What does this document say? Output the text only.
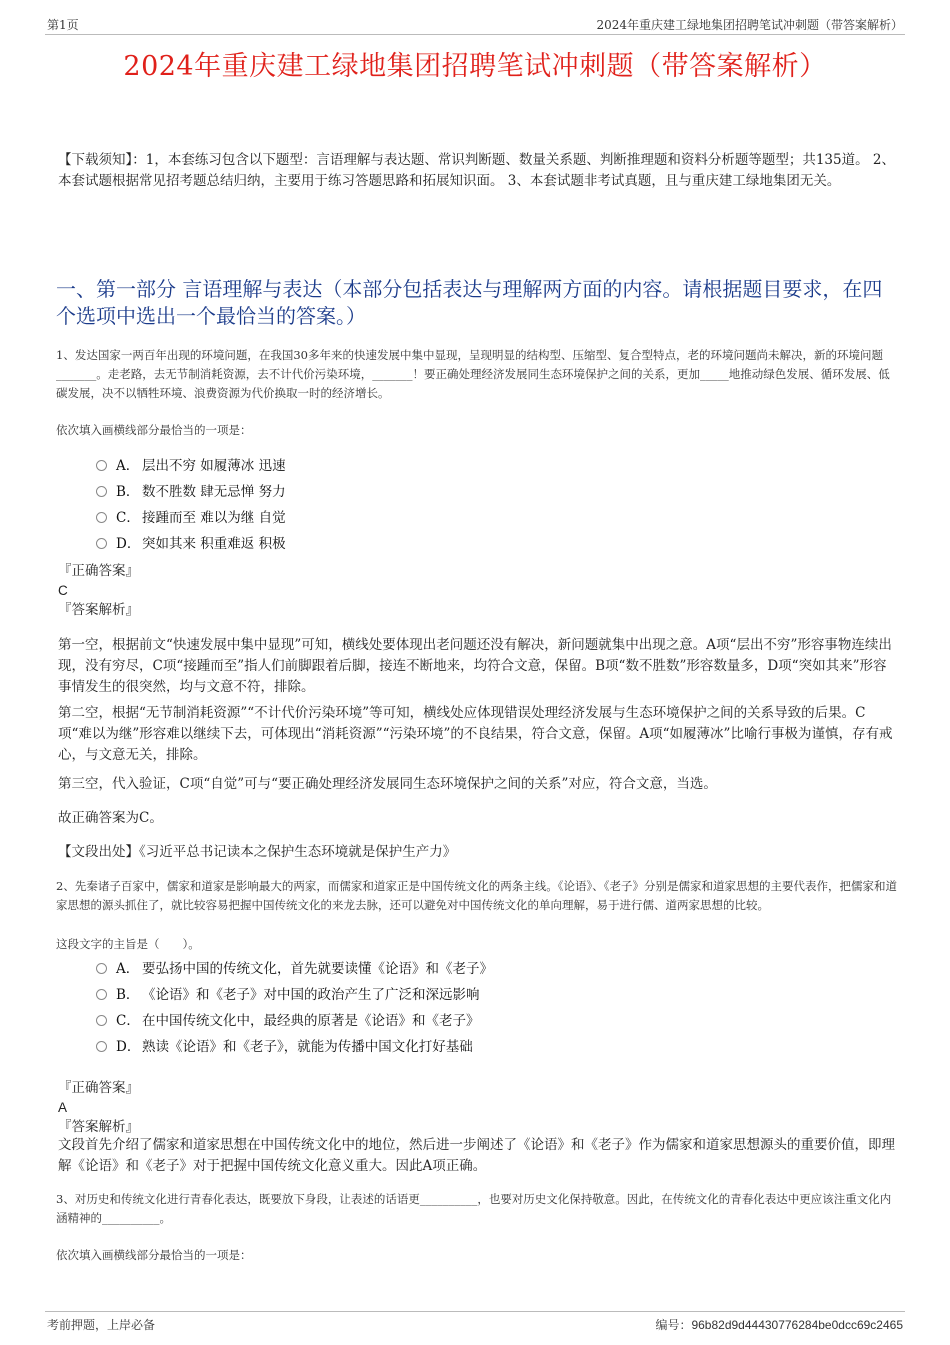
第1页	2024年重庆建工绿地集团招聘笔试冲刺题（带答案解析）
2024年重庆建工绿地集团招聘笔试冲刺题（带答案解析）
【下载须知】：1，本套练习包含以下题型：言语理解与表达题、常识判断题、数量关系题、判断推理题和资料分析题等题型；共135道。 2、本套试题根据常见招考题总结归纳，主要用于练习答题思路和拓展知识面。 3、本套试题非考试真题，且与重庆建工绿地集团无关。
一、第一部分 言语理解与表达（本部分包括表达与理解两方面的内容。请根据题目要求，在四个选项中选出一个最恰当的答案。）
1、发达国家一两百年出现的环境问题，在我国30多年来的快速发展中集中显现，呈现明显的结构型、压缩型、复合型特点，老的环境问题尚未解决，新的环境问题_______。走老路，去无节制消耗资源，去不计代价污染环境，_______！要正确处理经济发展同生态环境保护之间的关系，更加_____地推动绿色发展、循环发展、低碳发展，决不以牺牲环境、浪费资源为代价换取一时的经济增长。
依次填入画横线部分最恰当的一项是：
A． 层出不穷 如履薄冰 迅速
B． 数不胜数 肆无忌惮 努力
C． 接踵而至 难以为继 自觉
D． 突如其来 积重难返 积极
『正确答案』
C
『答案解析』
第一空，根据前文“快速发展中集中显现”可知，横线处要体现出老问题还没有解决，新问题就集中出现之意。A项“层出不穷”形容事物连续出现，没有穷尽，C项“接踵而至”指人们前脚跟着后脚，接连不断地来，均符合文意，保留。B项“数不胜数”形容数量多，D项“突如其来”形容事情发生的很突然，均与文意不符，排除。
第二空，根据“无节制消耗资源”“不计代价污染环境”等可知，横线处应体现错误处理经济发展与生态环境保护之间的关系导致的后果。C项“难以为继”形容难以继续下去，可体现出“消耗资源”“污染环境”的不良结果，符合文意，保留。A项“如履薄冰”比喻行事极为谨慎，存有戒心，与文意无关，排除。
第三空，代入验证，C项“自觉”可与“要正确处理经济发展同生态环境保护之间的关系”对应，符合文意，当选。
故正确答案为C。
【文段出处】《习近平总书记读本之保护生态环境就是保护生产力》
2、先秦诸子百家中，儒家和道家是影响最大的两家，而儒家和道家正是中国传统文化的两条主线。《论语》、《老子》分别是儒家和道家思想的主要代表作，把儒家和道家思想的源头抓住了，就比较容易把握中国传统文化的来龙去脉，还可以避免对中国传统文化的单向理解，易于进行儒、道两家思想的比较。
这段文字的主旨是（　　）。
A． 要弘扬中国的传统文化，首先就要读懂《论语》和《老子》
B． 《论语》和《老子》对中国的政治产生了广泛和深远影响
C． 在中国传统文化中，最经典的原著是《论语》和《老子》
D． 熟读《论语》和《老子》，就能为传播中国文化打好基础
『正确答案』
A
『答案解析』
文段首先介绍了儒家和道家思想在中国传统文化中的地位，然后进一步阐述了《论语》和《老子》作为儒家和道家思想源头的重要价值，即理解《论语》和《老子》对于把握中国传统文化意义重大。因此A项正确。
3、对历史和传统文化进行青春化表达，既要放下身段，让表述的话语更__________，也要对历史文化保持敬意。因此，在传统文化的青春化表达中更应该注重文化内涵精神的__________。
依次填入画横线部分最恰当的一项是：
考前押题，上岸必备	编号：96b82d9d44430776284be0dcc69c2465
